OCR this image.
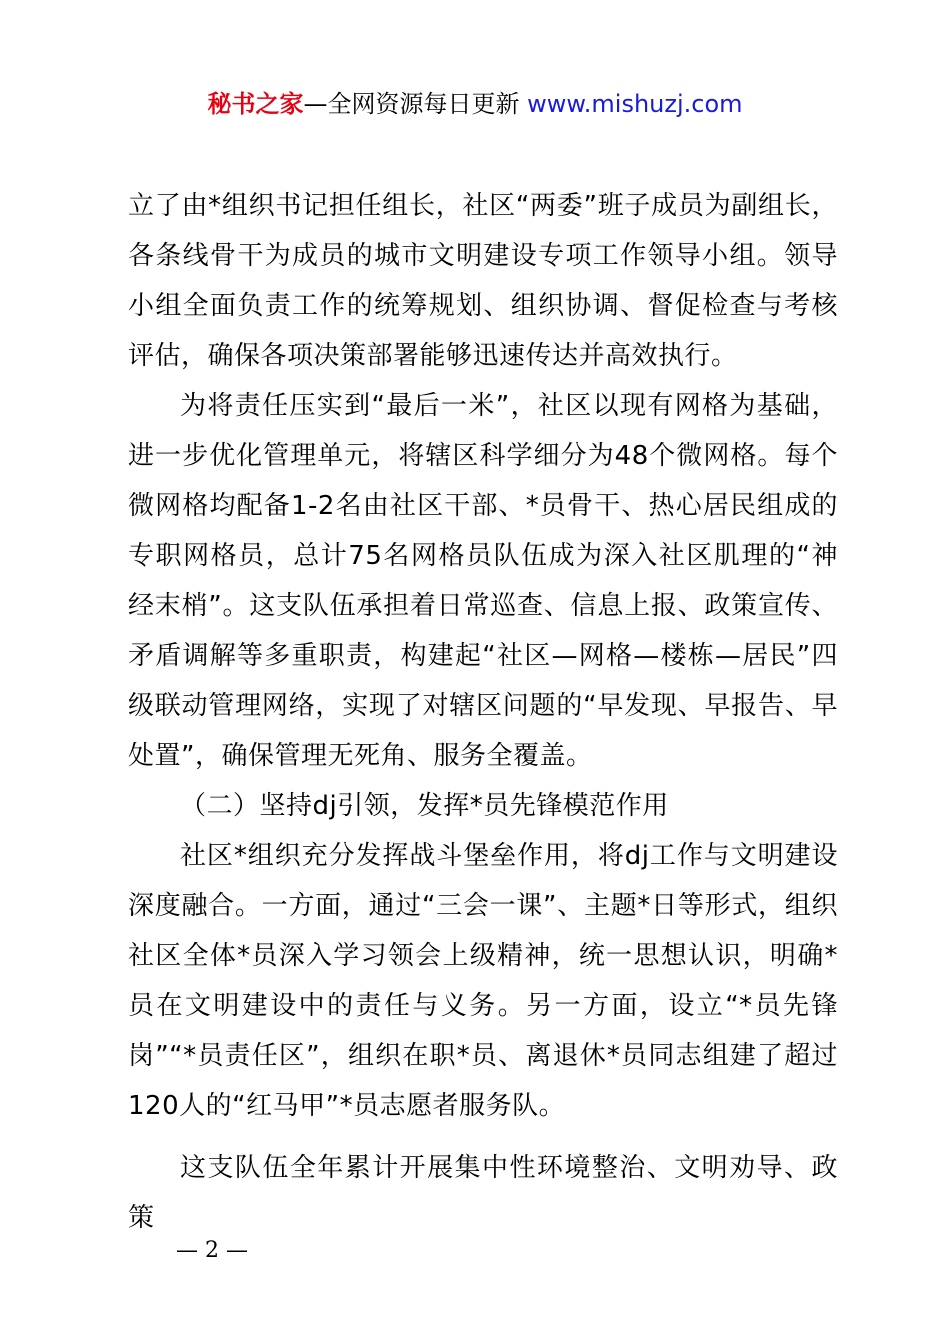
秘书之家—全网资源每日更新 www.mishuzj.com

立了由*组织书记担任组长，社区“两委”班子成员为副组长，各条线骨干为成员的城市文明建设专项工作领导小组。领导小组全面负责工作的统筹规划、组织协调、督促检查与考核评估，确保各项决策部署能够迅速传达并高效执行。

为将责任压实到“最后一米”，社区以现有网格为基础，进一步优化管理单元，将辖区科学细分为48个微网格。每个微网格均配备1-2名由社区干部、*员骨干、热心居民组成的专职网格员，总计75名网格员队伍成为深入社区肌理的“神经末梢”。这支队伍承担着日常巡查、信息上报、政策宣传、矛盾调解等多重职责，构建起“社区—网格—楼栋—居民”四级联动管理网络，实现了对辖区问题的“早发现、早报告、早处置”，确保管理无死角、服务全覆盖。

（二）坚持dj引领，发挥*员先锋模范作用

社区*组织充分发挥战斗堡垒作用，将dj工作与文明建设深度融合。一方面，通过“三会一课”、主题*日等形式，组织社区全体*员深入学习领会上级精神，统一思想认识，明确*员在文明建设中的责任与义务。另一方面，设立“*员先锋岗”“*员责任区”，组织在职*员、离退休*员同志组建了超过120人的“红马甲”*员志愿者服务队。

这支队伍全年累计开展集中性环境整治、文明劝导、政策

— 2 —
